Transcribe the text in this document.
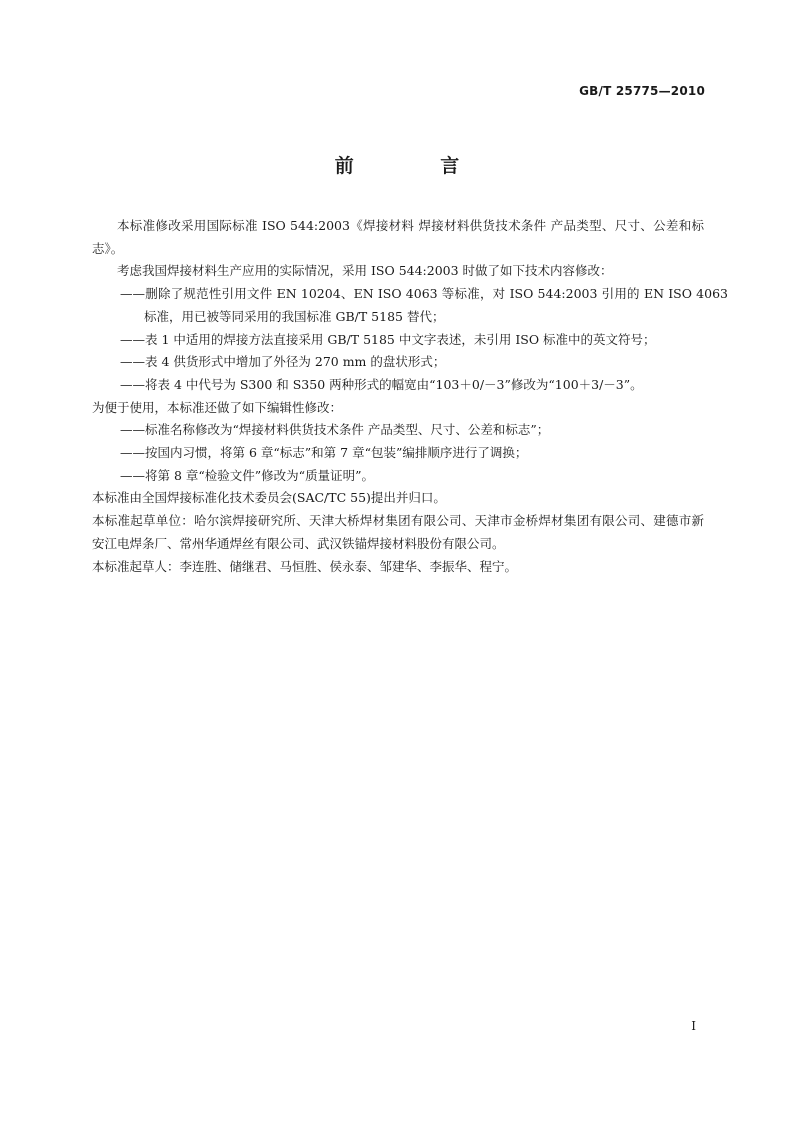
GB/T 25775—2010
前 言

本标准修改采用国际标准 ISO 544:2003《焊接材料 焊接材料供货技术条件 产品类型、尺寸、公差和标志》。

考虑我国焊接材料生产应用的实际情况，采用 ISO 544:2003 时做了如下技术内容修改：

——删除了规范性引用文件 EN 10204、EN ISO 4063 等标准，对 ISO 544:2003 引用的 EN ISO 4063 标准，用已被等同采用的我国标准 GB/T 5185 替代；

——表 1 中适用的焊接方法直接采用 GB/T 5185 中文字表述，未引用 ISO 标准中的英文符号；

——表 4 供货形式中增加了外径为 270 mm 的盘状形式；

——将表 4 中代号为 S300 和 S350 两种形式的幅宽由“103＋0/－3”修改为“100＋3/－3”。

为便于使用，本标准还做了如下编辑性修改：

——标准名称修改为“焊接材料供货技术条件 产品类型、尺寸、公差和标志”；

——按国内习惯，将第 6 章“标志”和第 7 章“包装”编排顺序进行了调换；

——将第 8 章“检验文件”修改为“质量证明”。

本标准由全国焊接标准化技术委员会(SAC/TC 55)提出并归口。

本标准起草单位：哈尔滨焊接研究所、天津大桥焊材集团有限公司、天津市金桥焊材集团有限公司、建德市新安江电焊条厂、常州华通焊丝有限公司、武汉铁锚焊接材料股份有限公司。

本标准起草人：李连胜、储继君、马恒胜、侯永泰、邹建华、李振华、程宁。

I
